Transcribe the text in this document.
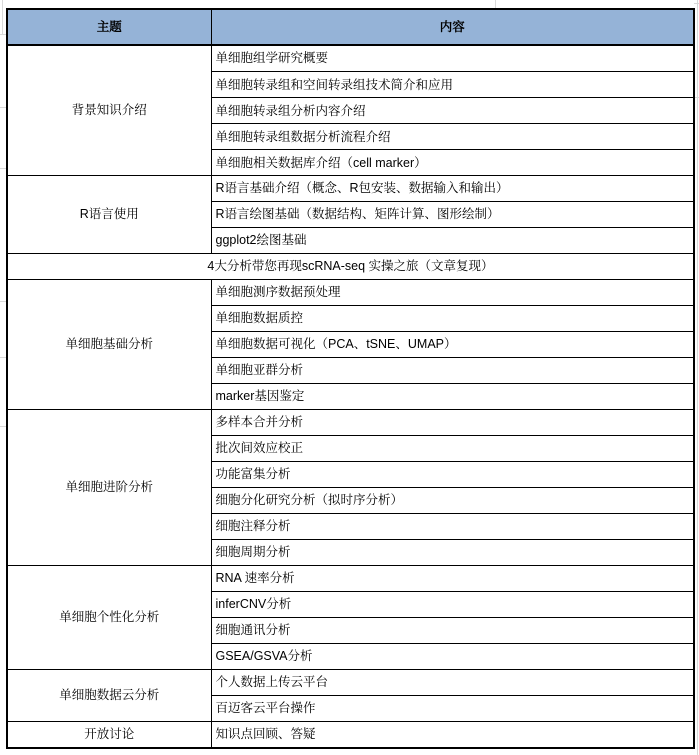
主题	内容
背景知识介绍	单细胞组学研究概要
	单细胞转录组和空间转录组技术简介和应用
	单细胞转录组分析内容介绍
	单细胞转录组数据分析流程介绍
	单细胞相关数据库介绍（cell marker）
R语言使用	R语言基础介绍（概念、R包安装、数据输入和输出）
	R语言绘图基础（数据结构、矩阵计算、图形绘制）
	ggplot2绘图基础
4大分析带您再现scRNA-seq 实操之旅（文章复现）	
单细胞基础分析	单细胞测序数据预处理
	单细胞数据质控
	单细胞数据可视化（PCA、tSNE、UMAP）
	单细胞亚群分析
	marker基因鉴定
单细胞进阶分析	多样本合并分析
	批次间效应校正
	功能富集分析
	细胞分化研究分析（拟时序分析）
	细胞注释分析
	细胞周期分析
单细胞个性化分析	RNA 速率分析
	inferCNV分析
	细胞通讯分析
	GSEA/GSVA分析
单细胞数据云分析	个人数据上传云平台
	百迈客云平台操作
开放讨论	知识点回顾、答疑
